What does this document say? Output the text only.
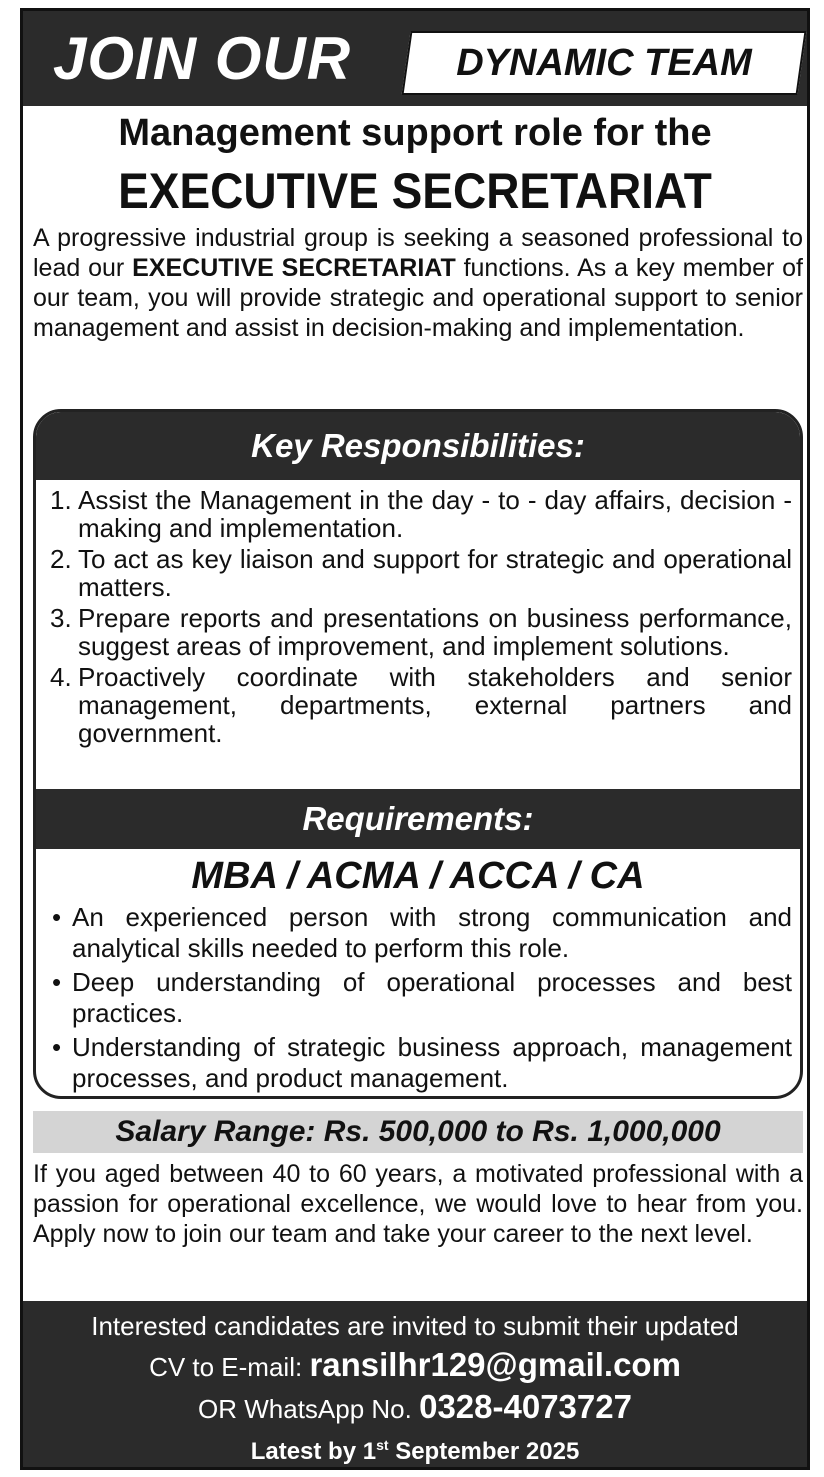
JOIN OUR	DYNAMIC TEAM
Management support role for the
EXECUTIVE SECRETARIAT

A progressive industrial group is seeking a seasoned professional to lead our EXECUTIVE SECRETARIAT functions. As a key member of our team, you will provide strategic and operational support to senior management and assist in decision-making and implementation.

Key Responsibilities:
1. Assist the Management in the day - to - day affairs, decision - making and implementation.
2. To act as key liaison and support for strategic and operational matters.
3. Prepare reports and presentations on business performance, suggest areas of improvement, and implement solutions.
4. Proactively coordinate with stakeholders and senior management, departments, external partners and government.
Requirements:
MBA / ACMA / ACCA / CA
• An experienced person with strong communication and analytical skills needed to perform this role.
• Deep understanding of operational processes and best practices.
• Understanding of strategic business approach, management processes, and product management.
Salary Range: Rs. 500,000 to Rs. 1,000,000

If you aged between 40 to 60 years, a motivated professional with a passion for operational excellence, we would love to hear from you. Apply now to join our team and take your career to the next level.

Interested candidates are invited to submit their updated
CV to E-mail: ransilhr129@gmail.com
OR WhatsApp No. 0328-4073727
Latest by 1st September 2025
